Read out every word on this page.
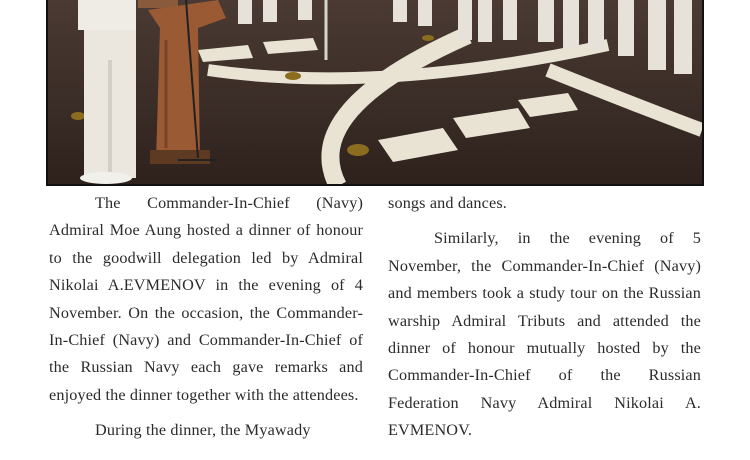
The Commander-In-Chief (Navy) Admiral Moe Aung hosted a dinner of honour to the goodwill delegation led by Admiral Nikolai A.EVMENOV in the evening of 4 November. On the occasion, the Commander-In-Chief (Navy) and Commander-In-Chief of the Russian Navy each gave remarks and enjoyed the dinner together with the attendees.

During the dinner, the Myawady

songs and dances.

Similarly, in the evening of 5 November, the Commander-In-Chief (Navy) and members took a study tour on the Russian warship Admiral Tributs and attended the dinner of honour mutually hosted by the Commander-In-Chief of the Russian Federation Navy Admiral Nikolai A. EVMENOV.
